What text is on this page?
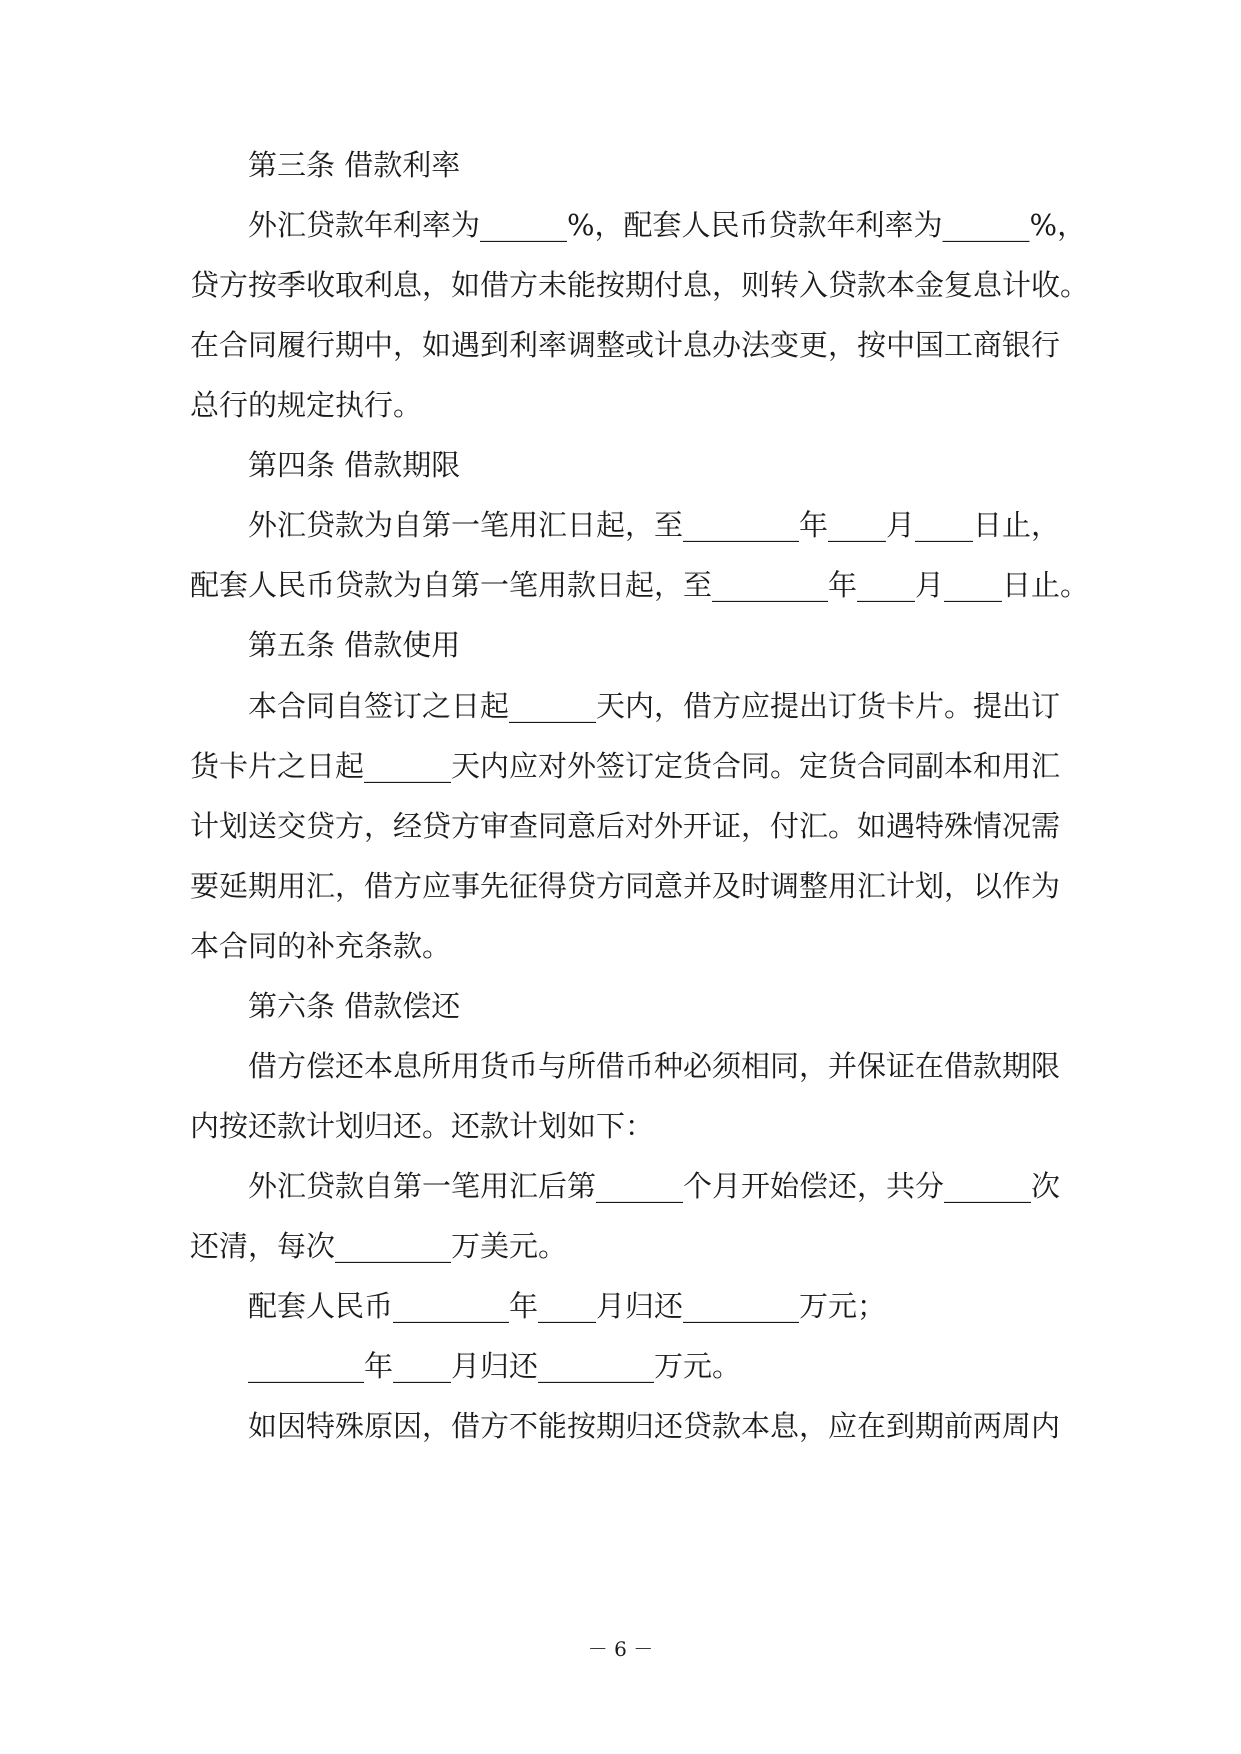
第三条 借款利率
外汇贷款年利率为______%，配套人民币贷款年利率为______%，
贷方按季收取利息，如借方未能按期付息，则转入贷款本金复息计收。
在合同履行期中，如遇到利率调整或计息办法变更，按中国工商银行
总行的规定执行。
第四条 借款期限
外汇贷款为自第一笔用汇日起，至________年____月____日止，
配套人民币贷款为自第一笔用款日起，至________年____月____日止。
第五条 借款使用
本合同自签订之日起______天内，借方应提出订货卡片。提出订
货卡片之日起______天内应对外签订定货合同。定货合同副本和用汇
计划送交贷方，经贷方审查同意后对外开证，付汇。如遇特殊情况需
要延期用汇，借方应事先征得贷方同意并及时调整用汇计划，以作为
本合同的补充条款。
第六条 借款偿还
借方偿还本息所用货币与所借币种必须相同，并保证在借款期限
内按还款计划归还。还款计划如下：
外汇贷款自第一笔用汇后第______个月开始偿还，共分______次
还清，每次________万美元。
配套人民币________年____月归还________万元；
________年____月归还________万元。
如因特殊原因，借方不能按期归还贷款本息，应在到期前两周内
－ 6 －
